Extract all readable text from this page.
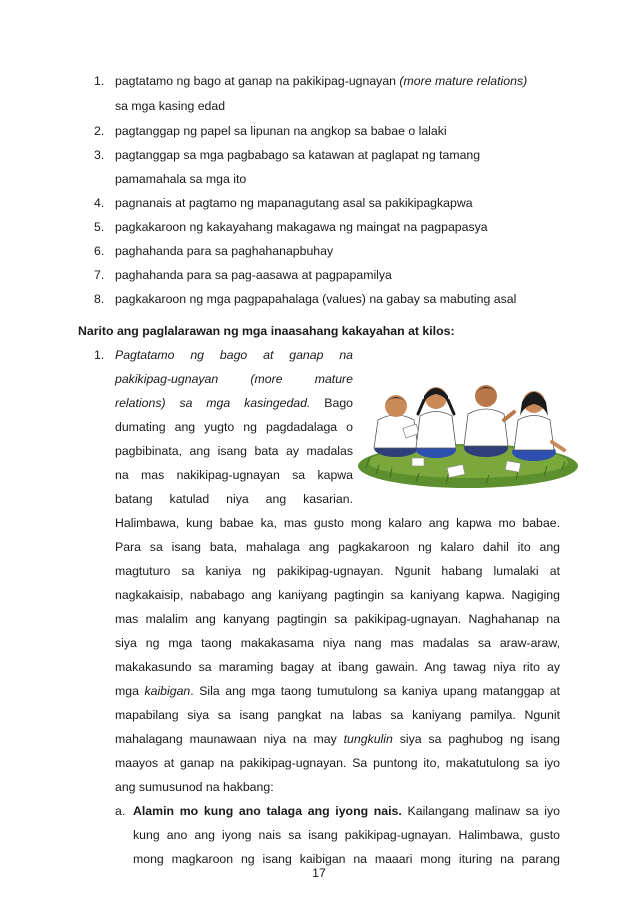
1. pagtatamo ng bago at ganap na pakikipag-ugnayan (more mature relations)
sa mga kasing edad
2. pagtanggap ng papel sa lipunan na angkop sa babae o lalaki
3. pagtanggap sa mga pagbabago sa katawan at paglapat ng tamang
pamamahala sa mga ito
4. pagnanais at pagtamo ng mapanagutang asal sa pakikipagkapwa
5. pagkakaroon ng kakayahang makagawa ng maingat na pagpapasya
6. paghahanda para sa paghahanapbuhay
7. paghahanda para sa pag-aasawa at pagpapamilya
8. pagkakaroon ng mga pagpapahalaga (values) na gabay sa mabuting asal
Narito ang paglalarawan ng mga inaasahang kakayahan at kilos:
1. Pagtatamo ng bago at ganap na
pakikipag-ugnayan (more mature
relations) sa mga kasingedad. Bago
dumating ang yugto ng pagdadalaga o
pagbibinata, ang isang bata ay madalas
na mas nakikipag-ugnayan sa kapwa
batang katulad niya ang kasarian.
Halimbawa, kung babae ka, mas gusto mong kalaro ang kapwa mo babae.
Para sa isang bata, mahalaga ang pagkakaroon ng kalaro dahil ito ang
magtuturo sa kaniya ng pakikipag-ugnayan. Ngunit habang lumalaki at
nagkakaisip, nababago ang kaniyang pagtingin sa kaniyang kapwa. Nagiging
mas malalim ang kanyang pagtingin sa pakikipag-ugnayan. Naghahanap na
siya ng mga taong makakasama niya nang mas madalas sa araw-araw,
makakasundo sa maraming bagay at ibang gawain. Ang tawag niya rito ay
mga kaibigan. Sila ang mga taong tumutulong sa kaniya upang matanggap at
mapabilang siya sa isang pangkat na labas sa kaniyang pamilya. Ngunit
mahalagang maunawaan niya na may tungkulin siya sa paghubog ng isang
maayos at ganap na pakikipag-ugnayan. Sa puntong ito, makatutulong sa iyo
ang sumusunod na hakbang:
a. Alamin mo kung ano talaga ang iyong nais. Kailangang malinaw sa iyo
kung ano ang iyong nais sa isang pakikipag-ugnayan. Halimbawa, gusto
mong magkaroon ng isang kaibigan na maaari mong ituring na parang
17
